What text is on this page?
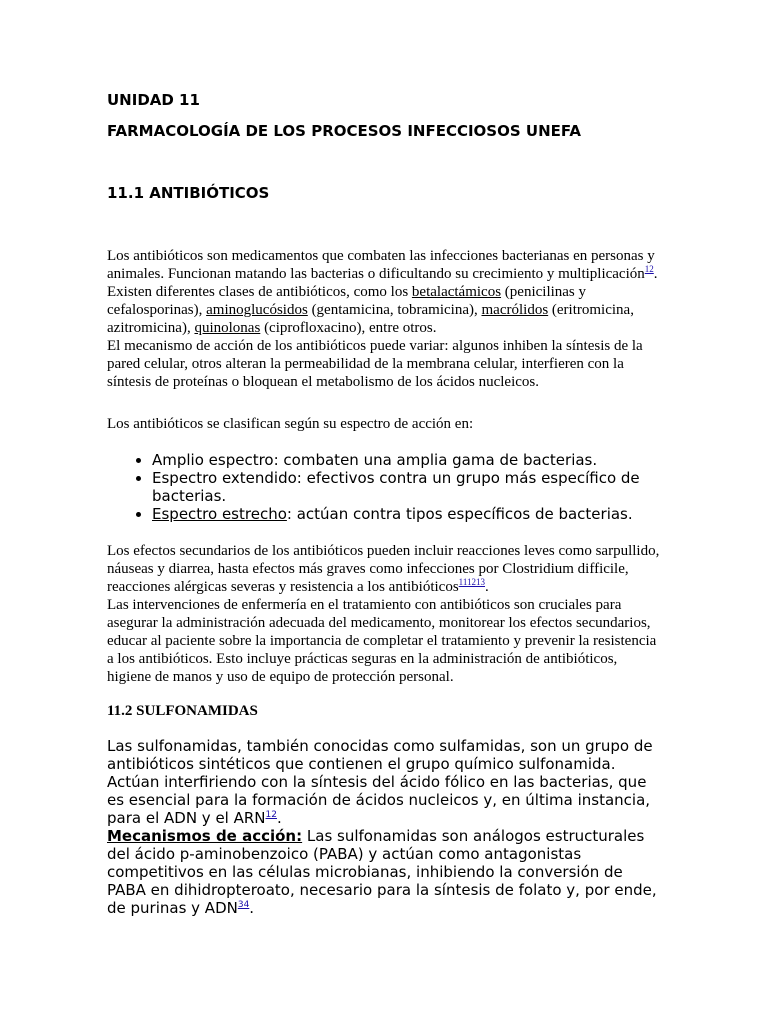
UNIDAD 11
FARMACOLOGÍA DE LOS PROCESOS INFECCIOSOS UNEFA
11.1 ANTIBIÓTICOS

Los antibióticos son medicamentos que combaten las infecciones bacterianas en personas y animales. Funcionan matando las bacterias o dificultando su crecimiento y multiplicación$^{12}$. Existen diferentes clases de antibióticos, como los betalactámicos (penicilinas y cefalosporinas), aminoglucósidos (gentamicina, tobramicina), macrólidos (eritromicina, azitromicina), quinolonas (ciprofloxacino), entre otros.
El mecanismo de acción de los antibióticos puede variar: algunos inhiben la síntesis de la pared celular, otros alteran la permeabilidad de la membrana celular, interfieren con la síntesis de proteínas o bloquean el metabolismo de los ácidos nucleicos.

Los antibióticos se clasifican según su espectro de acción en:

• Amplio espectro: combaten una amplia gama de bacterias.
• Espectro extendido: efectivos contra un grupo más específico de bacterias.
• Espectro estrecho: actúan contra tipos específicos de bacterias.

Los efectos secundarios de los antibióticos pueden incluir reacciones leves como sarpullido, náuseas y diarrea, hasta efectos más graves como infecciones por Clostridium difficile, reacciones alérgicas severas y resistencia a los antibióticos$^{111213}$.
Las intervenciones de enfermería en el tratamiento con antibióticos son cruciales para asegurar la administración adecuada del medicamento, monitorear los efectos secundarios, educar al paciente sobre la importancia de completar el tratamiento y prevenir la resistencia a los antibióticos. Esto incluye prácticas seguras en la administración de antibióticos, higiene de manos y uso de equipo de protección personal.

11.2 SULFONAMIDAS

Las sulfonamidas, también conocidas como sulfamidas, son un grupo de antibióticos sintéticos que contienen el grupo químico sulfonamida. Actúan interfiriendo con la síntesis del ácido fólico en las bacterias, que es esencial para la formación de ácidos nucleicos y, en última instancia, para el ADN y el ARN$^{12}$.
Mecanismos de acción: Las sulfonamidas son análogos estructurales del ácido p-aminobenzoico (PABA) y actúan como antagonistas competitivos en las células microbianas, inhibiendo la conversión de PABA en dihidropteroato, necesario para la síntesis de folato y, por ende, de purinas y ADN$^{34}$.
